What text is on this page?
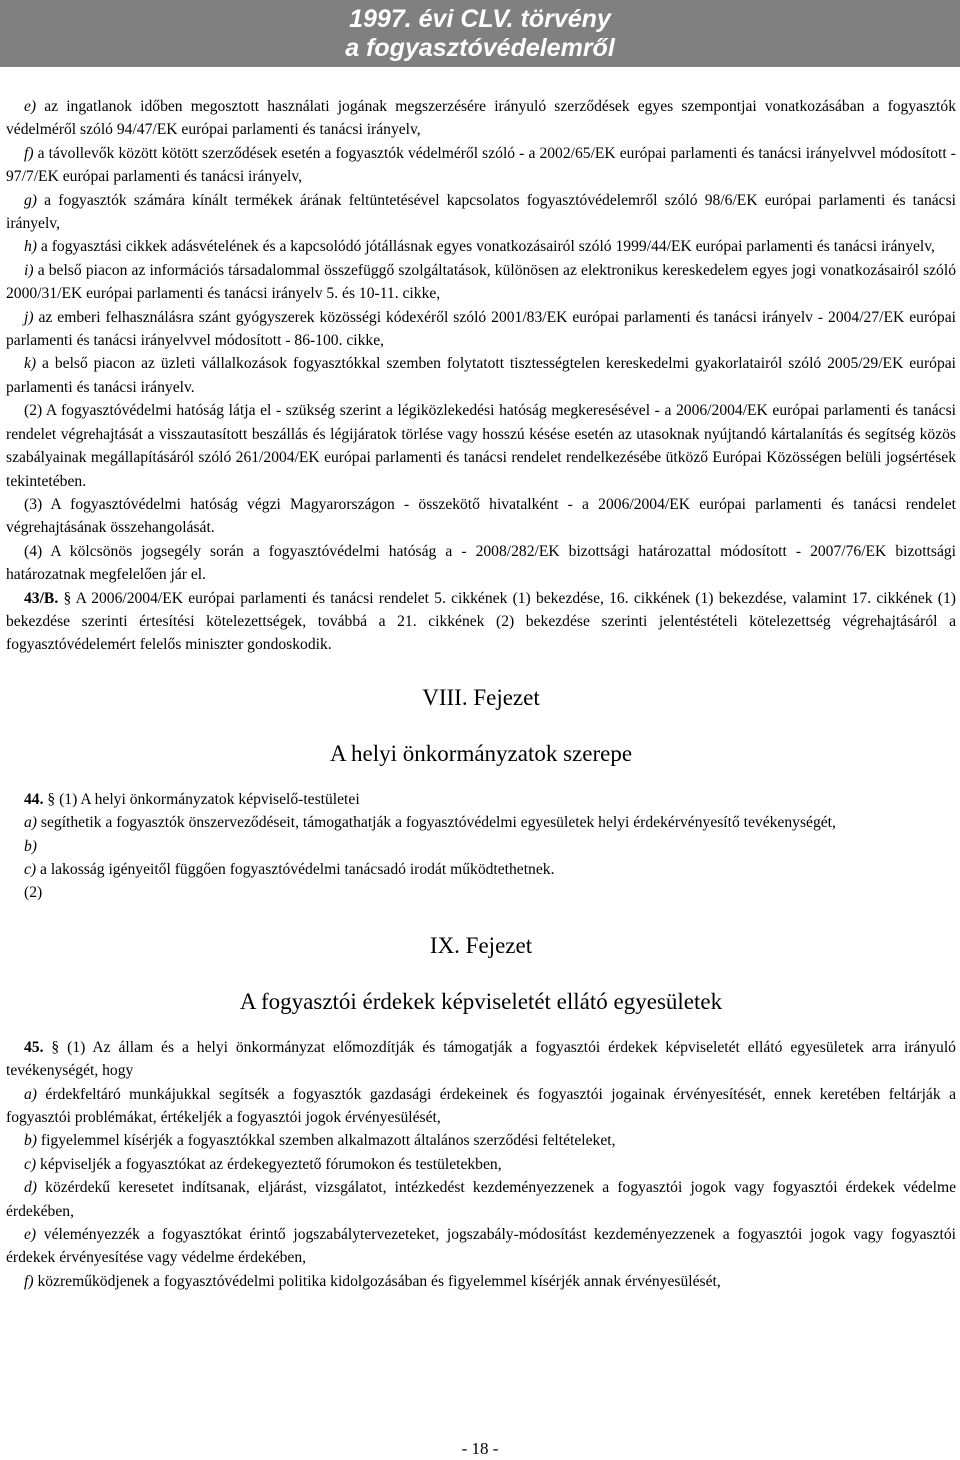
1997. évi CLV. törvény
a fogyasztóvédelemről

e) az ingatlanok időben megosztott használati jogának megszerzésére irányuló szerződések egyes szempontjai vonatkozásában a fogyasztók védelméről szóló 94/47/EK európai parlamenti és tanácsi irányelv,

f) a távollevők között kötött szerződések esetén a fogyasztók védelméről szóló - a 2002/65/EK európai parlamenti és tanácsi irányelvvel módosított - 97/7/EK európai parlamenti és tanácsi irányelv,

g) a fogyasztók számára kínált termékek árának feltüntetésével kapcsolatos fogyasztóvédelemről szóló 98/6/EK európai parlamenti és tanácsi irányelv,

h) a fogyasztási cikkek adásvételének és a kapcsolódó jótállásnak egyes vonatkozásairól szóló 1999/44/EK európai parlamenti és tanácsi irányelv,

i) a belső piacon az információs társadalommal összefüggő szolgáltatások, különösen az elektronikus kereskedelem egyes jogi vonatkozásairól szóló 2000/31/EK európai parlamenti és tanácsi irányelv 5. és 10-11. cikke,

j) az emberi felhasználásra szánt gyógyszerek közösségi kódexéről szóló 2001/83/EK európai parlamenti és tanácsi irányelv - 2004/27/EK európai parlamenti és tanácsi irányelvvel módosított - 86-100. cikke,

k) a belső piacon az üzleti vállalkozások fogyasztókkal szemben folytatott tisztességtelen kereskedelmi gyakorlatairól szóló 2005/29/EK európai parlamenti és tanácsi irányelv.

(2) A fogyasztóvédelmi hatóság látja el - szükség szerint a légiközlekedési hatóság megkeresésével - a 2006/2004/EK európai parlamenti és tanácsi rendelet végrehajtását a visszautasított beszállás és légijáratok törlése vagy hosszú késése esetén az utasoknak nyújtandó kártalanítás és segítség közös szabályainak megállapításáról szóló 261/2004/EK európai parlamenti és tanácsi rendelet rendelkezésébe ütköző Európai Közösségen belüli jogsértések tekintetében.

(3) A fogyasztóvédelmi hatóság végzi Magyarországon - összekötő hivatalként - a 2006/2004/EK európai parlamenti és tanácsi rendelet végrehajtásának összehangolását.

(4) A kölcsönös jogsegély során a fogyasztóvédelmi hatóság a - 2008/282/EK bizottsági határozattal módosított - 2007/76/EK bizottsági határozatnak megfelelően jár el.

43/B. § A 2006/2004/EK európai parlamenti és tanácsi rendelet 5. cikkének (1) bekezdése, 16. cikkének (1) bekezdése, valamint 17. cikkének (1) bekezdése szerinti értesítési kötelezettségek, továbbá a 21. cikkének (2) bekezdése szerinti jelentéstételi kötelezettség végrehajtásáról a fogyasztóvédelemért felelős miniszter gondoskodik.

VIII. Fejezet

A helyi önkormányzatok szerepe

44. § (1) A helyi önkormányzatok képviselő-testületei

a) segíthetik a fogyasztók önszerveződéseit, támogathatják a fogyasztóvédelmi egyesületek helyi érdekérvényesítő tevékenységét,

b)

c) a lakosság igényeitől függően fogyasztóvédelmi tanácsadó irodát működtethetnek.

(2)

IX. Fejezet

A fogyasztói érdekek képviseletét ellátó egyesületek

45. § (1) Az állam és a helyi önkormányzat előmozdítják és támogatják a fogyasztói érdekek képviseletét ellátó egyesületek arra irányuló tevékenységét, hogy

a) érdekfeltáró munkájukkal segítsék a fogyasztók gazdasági érdekeinek és fogyasztói jogainak érvényesítését, ennek keretében feltárják a fogyasztói problémákat, értékeljék a fogyasztói jogok érvényesülését,

b) figyelemmel kísérjék a fogyasztókkal szemben alkalmazott általános szerződési feltételeket,

c) képviseljék a fogyasztókat az érdekegyeztető fórumokon és testületekben,

d) közérdekű keresetet indítsanak, eljárást, vizsgálatot, intézkedést kezdeményezzenek a fogyasztói jogok vagy fogyasztói érdekek védelme érdekében,

e) véleményezzék a fogyasztókat érintő jogszabálytervezeteket, jogszabály-módosítást kezdeményezzenek a fogyasztói jogok vagy fogyasztói érdekek érvényesítése vagy védelme érdekében,

f) közreműködjenek a fogyasztóvédelmi politika kidolgozásában és figyelemmel kísérjék annak érvényesülését,

- 18 -
